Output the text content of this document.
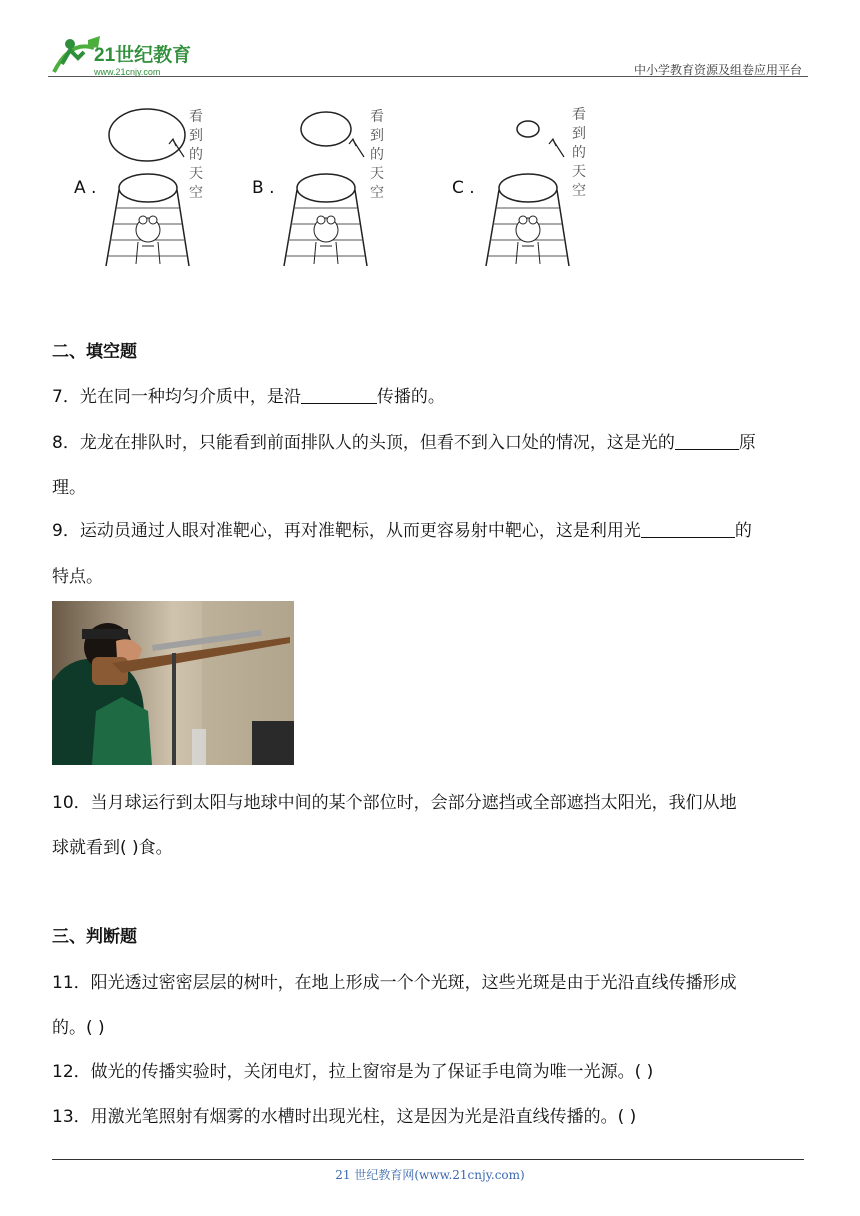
21世纪教育
www.21cnjy.com	中小学教育资源及组卷应用平台
A .
看到的天空	B .
看到的天空	C .
看到的天空
二、填空题
7．光在同一种均匀介质中，是沿	传播的。
8．龙龙在排队时，只能看到前面排队人的头顶，但看不到入口处的情况，这是光的	原
理。
9．运动员通过人眼对准靶心，再对准靶标，从而更容易射中靶心，这是利用光	的
特点。
10．当月球运行到太阳与地球中间的某个部位时，会部分遮挡或全部遮挡太阳光，我们从地
球就看到( )食。
三、判断题
11．阳光透过密密层层的树叶，在地上形成一个个光斑，这些光斑是由于光沿直线传播形成
的。( )
12．做光的传播实验时，关闭电灯，拉上窗帘是为了保证手电筒为唯一光源。( )
13．用激光笔照射有烟雾的水槽时出现光柱，这是因为光是沿直线传播的。( )
21 世纪教育网(www.21cnjy.com)
